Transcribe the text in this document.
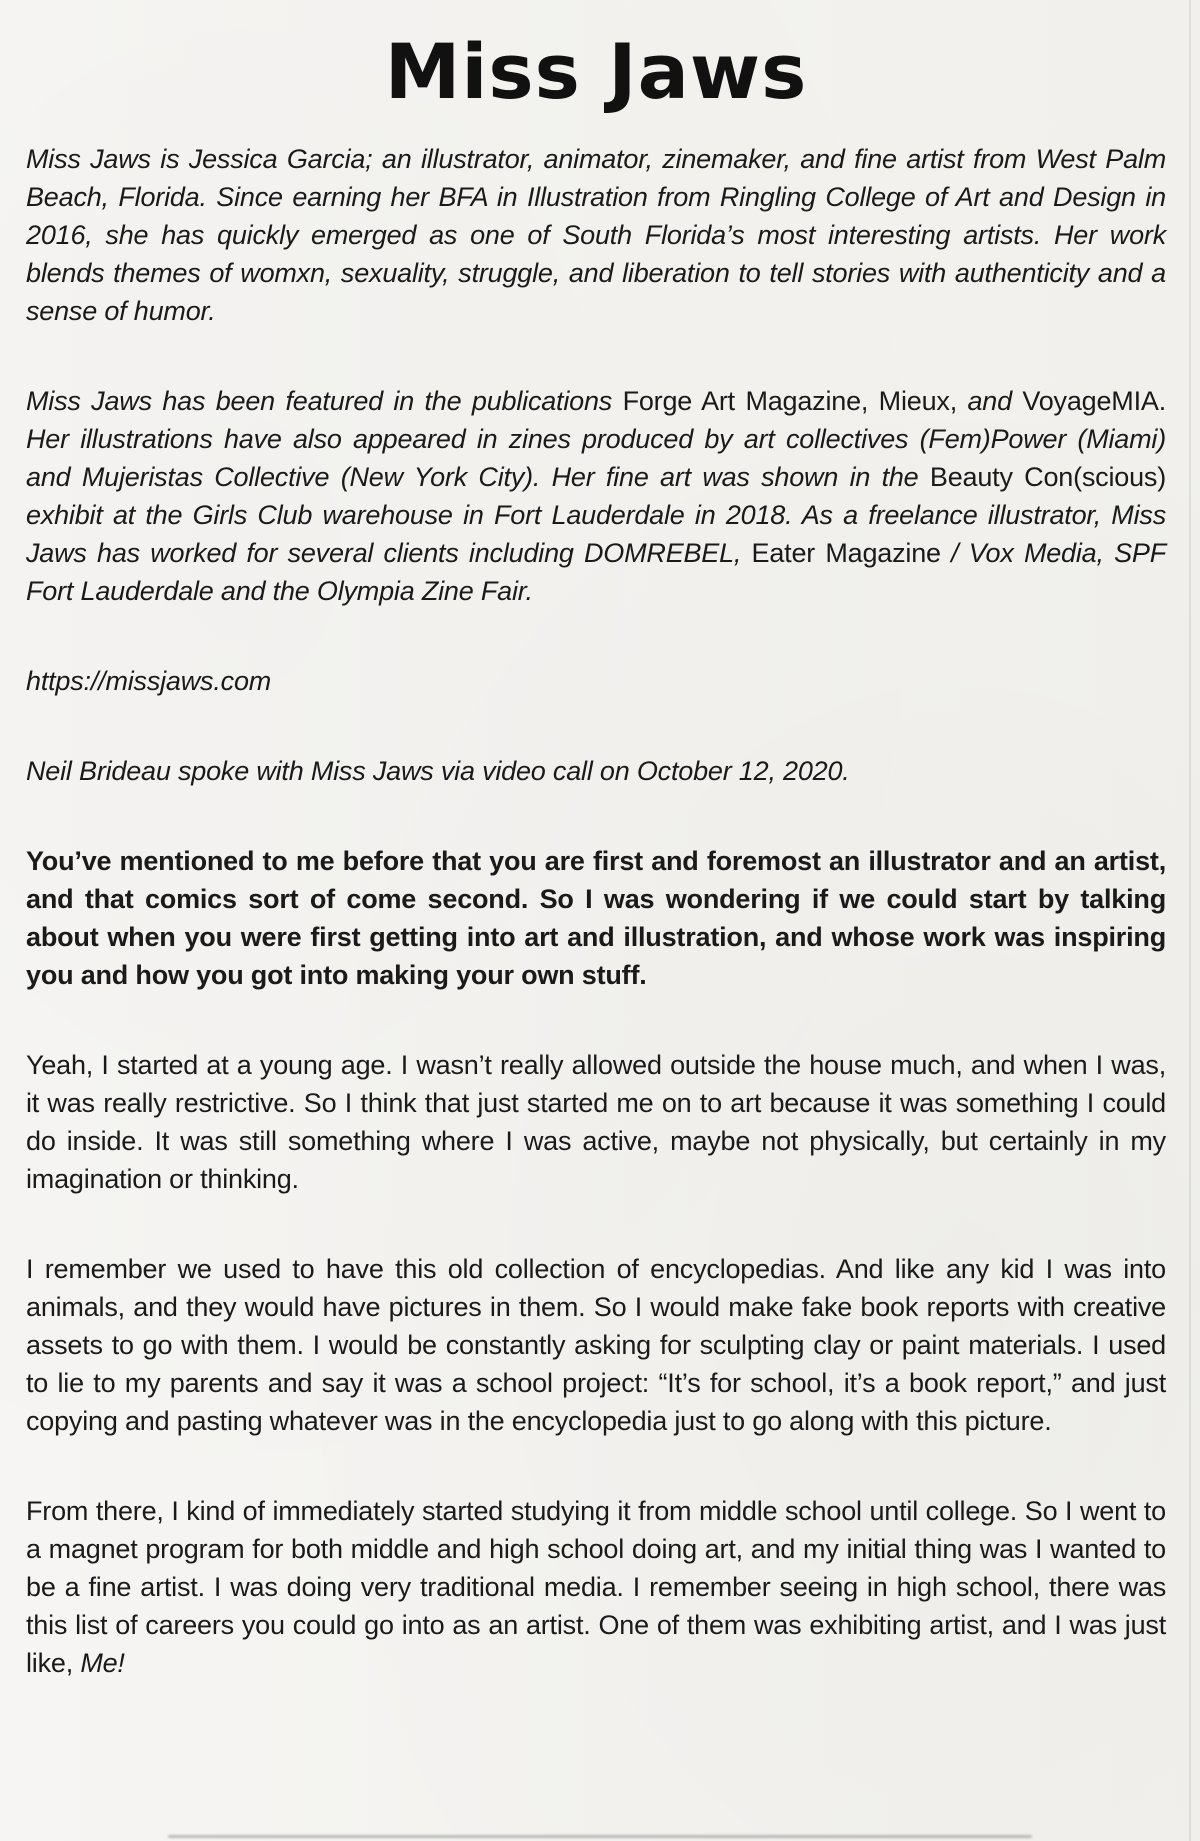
Miss Jaws

Miss Jaws is Jessica Garcia; an illustrator, animator, zinemaker, and fine artist from West Palm Beach, Florida. Since earning her BFA in Illustration from Ringling College of Art and Design in 2016, she has quickly emerged as one of South Florida’s most interesting artists. Her work blends themes of womxn, sexuality, struggle, and liberation to tell stories with authenticity and a sense of humor.

Miss Jaws has been featured in the publications Forge Art Magazine, Mieux, and VoyageMIA. Her illustrations have also appeared in zines produced by art collectives (Fem)Power (Miami) and Mujeristas Collective (New York City). Her fine art was shown in the Beauty Con(scious) exhibit at the Girls Club warehouse in Fort Lauderdale in 2018. As a freelance illustrator, Miss Jaws has worked for several clients including DOMREBEL, Eater Magazine / Vox Media, SPF Fort Lauderdale and the Olympia Zine Fair.

https://missjaws.com

Neil Brideau spoke with Miss Jaws via video call on October 12, 2020.

You’ve mentioned to me before that you are first and foremost an illustrator and an artist, and that comics sort of come second. So I was wondering if we could start by talking about when you were first getting into art and illustration, and whose work was inspiring you and how you got into making your own stuff.

Yeah, I started at a young age. I wasn’t really allowed outside the house much, and when I was, it was really restrictive. So I think that just started me on to art because it was something I could do inside. It was still something where I was active, maybe not physically, but certainly in my imagination or thinking.

I remember we used to have this old collection of encyclopedias. And like any kid I was into animals, and they would have pictures in them. So I would make fake book reports with creative assets to go with them. I would be constantly asking for sculpting clay or paint materials. I used to lie to my parents and say it was a school project: “It’s for school, it’s a book report,” and just copying and pasting whatever was in the encyclopedia just to go along with this picture.

From there, I kind of immediately started studying it from middle school until college. So I went to a magnet program for both middle and high school doing art, and my initial thing was I wanted to be a fine artist. I was doing very traditional media. I remember seeing in high school, there was this list of careers you could go into as an artist. One of them was exhibiting artist, and I was just like, Me!
